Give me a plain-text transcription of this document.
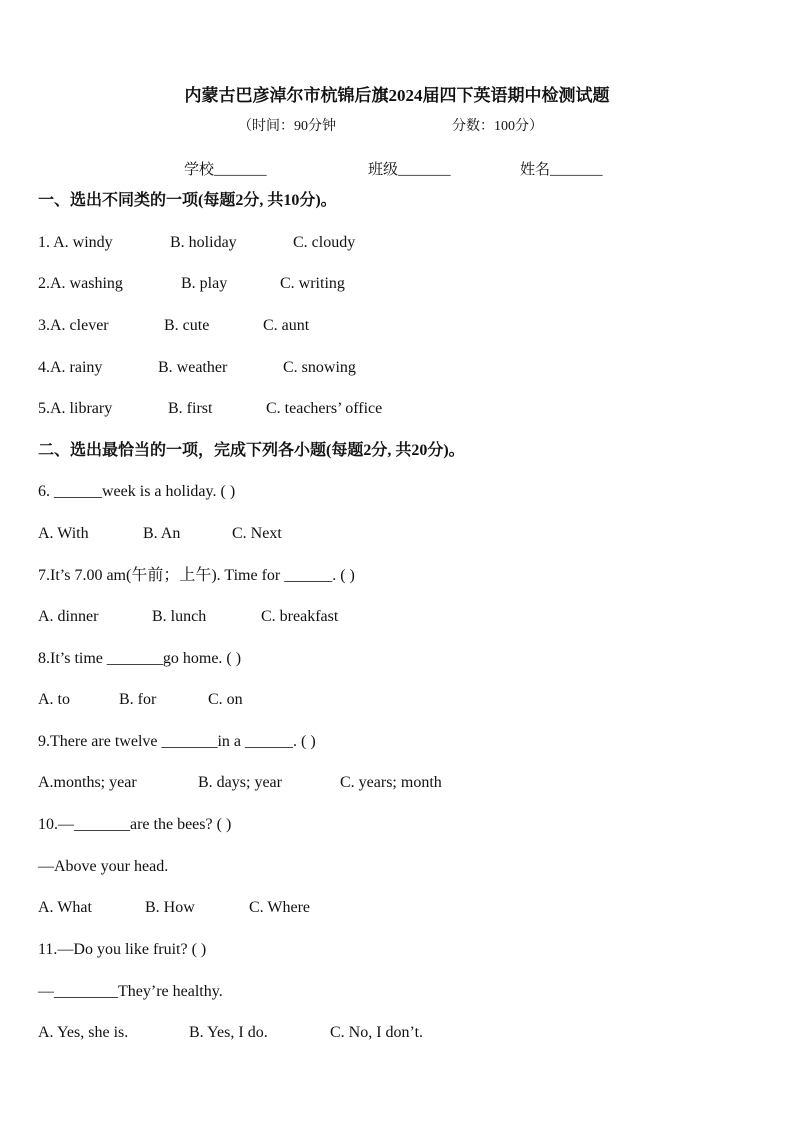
内蒙古巴彦淖尔市杭锦后旗2024届四下英语期中检测试题
（时间：90分钟	分数：100分）
学校_______	班级_______	姓名_______
一、选出不同类的一项(每题2分, 共10分)。
1. A. windy	B. holiday	C. cloudy
2.A. washing	B. play	C. writing
3.A. clever	B. cute	C. aunt
4.A. rainy	B. weather	C. snowing
5.A. library	B. first	C. teachers’ office
二、选出最恰当的一项，完成下列各小题(每题2分, 共20分)。
6. ______week is a holiday. ( )
A. With	B. An	C. Next
7.It’s 7.00 am(午前；上午). Time for ______. ( )
A. dinner	B. lunch	C. breakfast
8.It’s time _______go home. ( )
A. to	B. for	C. on
9.There are twelve _______in a ______. ( )
A.months; year	B. days; year	C. years; month
10.—_______are the bees? ( )
—Above your head.
A. What	B. How	C. Where
11.—Do you like fruit? ( )
—________They’re healthy.
A. Yes, she is.	B. Yes, I do.	C. No, I don’t.
